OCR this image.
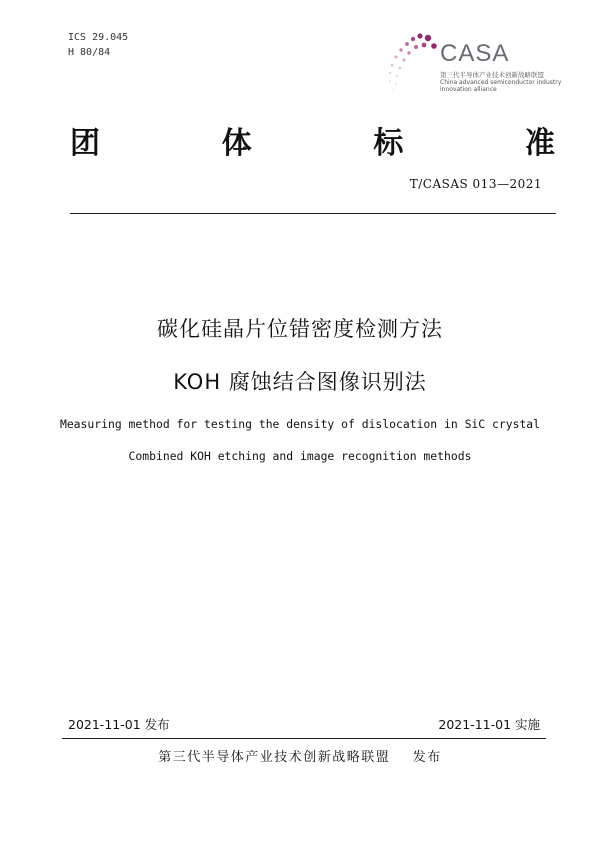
ICS 29.045
H 80/84	CASA
第三代半导体产业技术创新战略联盟
China advanced semiconductor industry
innovation alliance
团	体	标	准
T/CASAS 013—2021
碳化硅晶片位错密度检测方法
KOH 腐蚀结合图像识别法
Measuring method for testing the density of dislocation in SiC crystal
Combined KOH etching and image recognition methods
2021-11-01 发布	2021-11-01 实施
第三代半导体产业技术创新战略联盟    发布
